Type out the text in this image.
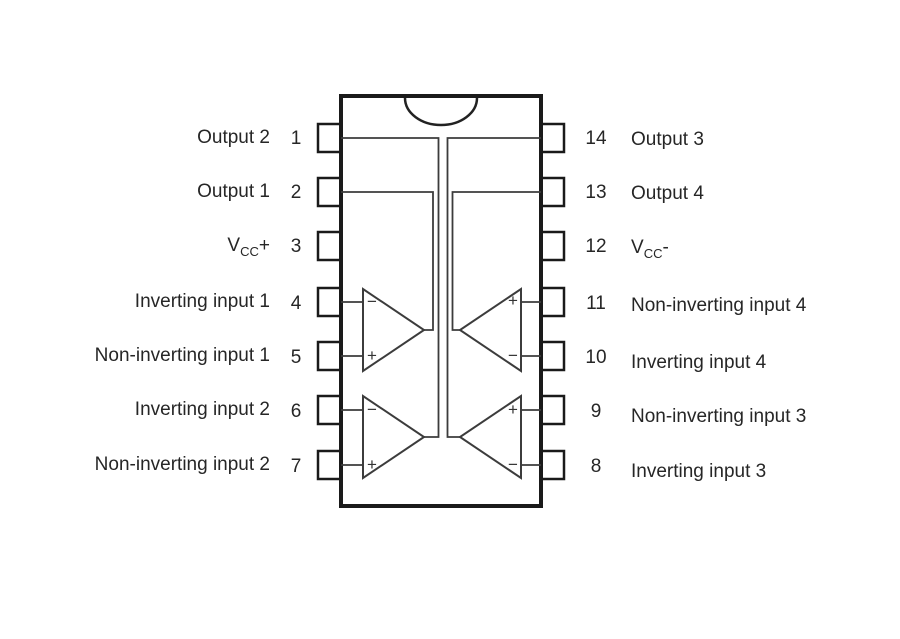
Output 2
Output 1
$V_{CC}+$
Inverting input 1
Non-inverting input 1
Inverting input 2
Non-inverting input 2
1
2
3
4
5
6
7
14
13
12
11
10
9
8
Output 3
Output 4
$V_{CC}-$
Non-inverting input 4
Inverting input 4
Non-inverting input 3
Inverting input 3
−
+
−
+
+
−
+
−
